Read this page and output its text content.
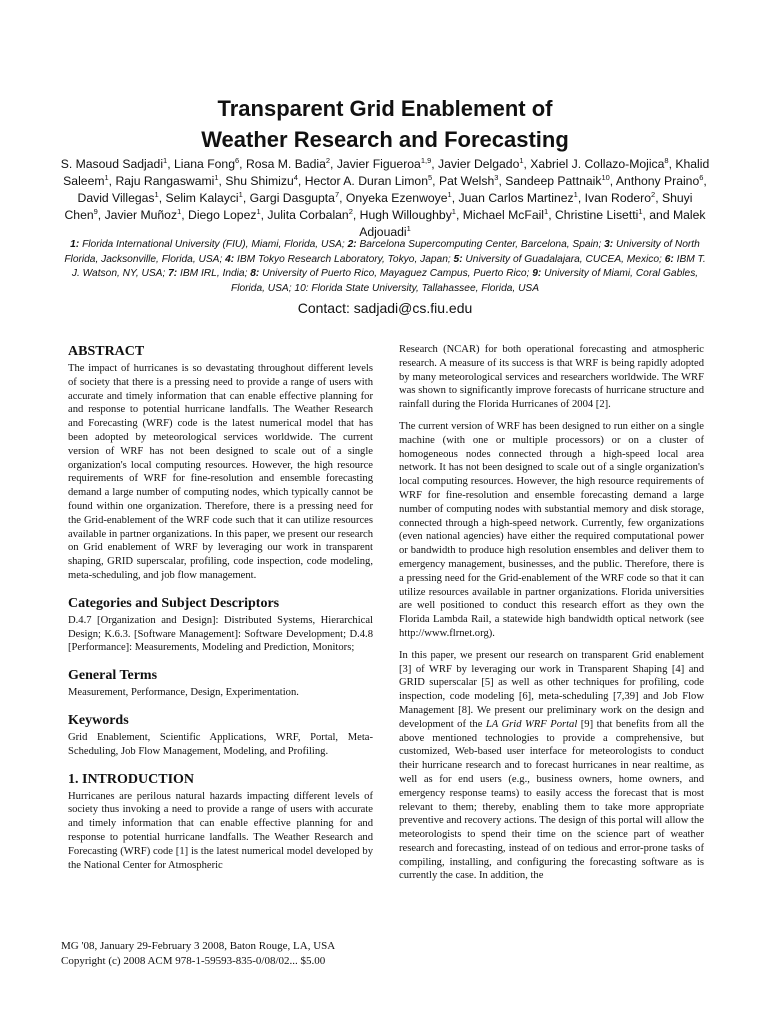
Transparent Grid Enablement of
Weather Research and Forecasting
S. Masoud Sadjadi$^1$, Liana Fong$^6$, Rosa M. Badia$^2$, Javier Figueroa$^{1,9}$, Javier Delgado$^1$, Xabriel J. Collazo-Mojica$^8$, Khalid Saleem$^1$, Raju Rangaswami$^1$, Shu Shimizu$^4$, Hector A. Duran Limon$^5$, Pat Welsh$^3$, Sandeep Pattnaik$^{10}$, Anthony Praino$^6$, David Villegas$^1$, Selim Kalayci$^1$, Gargi Dasgupta$^7$, Onyeka Ezenwoye$^1$, Juan Carlos Martinez$^1$, Ivan Rodero$^2$, Shuyi Chen$^9$, Javier Muñoz$^1$, Diego Lopez$^1$, Julita Corbalan$^2$, Hugh Willoughby$^1$, Michael McFail$^1$, Christine Lisetti$^1$, and Malek Adjouadi$^1$
1: Florida International University (FIU), Miami, Florida, USA; 2: Barcelona Supercomputing Center, Barcelona, Spain; 3: University of North Florida, Jacksonville, Florida, USA; 4: IBM Tokyo Research Laboratory, Tokyo, Japan; 5: University of Guadalajara, CUCEA, Mexico; 6: IBM T. J. Watson, NY, USA; 7: IBM IRL, India; 8: University of Puerto Rico, Mayaguez Campus, Puerto Rico; 9: University of Miami, Coral Gables, Florida, USA; 10: Florida State University, Tallahassee, Florida, USA
Contact: sadjadi@cs.fiu.edu
ABSTRACT

The impact of hurricanes is so devastating throughout different levels of society that there is a pressing need to provide a range of users with accurate and timely information that can enable effective planning for and response to potential hurricane landfalls. The Weather Research and Forecasting (WRF) code is the latest numerical model that has been adopted by meteorological services worldwide. The current version of WRF has not been designed to scale out of a single organization's local computing resources. However, the high resource requirements of WRF for fine-resolution and ensemble forecasting demand a large number of computing nodes, which typically cannot be found within one organization. Therefore, there is a pressing need for the Grid-enablement of the WRF code such that it can utilize resources available in partner organizations. In this paper, we present our research on Grid enablement of WRF by leveraging our work in transparent shaping, GRID superscalar, profiling, code inspection, code modeling, meta-scheduling, and job flow management.

Categories and Subject Descriptors

D.4.7 [Organization and Design]: Distributed Systems, Hierarchical Design; K.6.3. [Software Management]: Software Development; D.4.8 [Performance]: Measurements, Modeling and Prediction, Monitors;

General Terms

Measurement, Performance, Design, Experimentation.

Keywords

Grid Enablement, Scientific Applications, WRF, Portal, Meta-Scheduling, Job Flow Management, Modeling, and Profiling.

1. INTRODUCTION

Hurricanes are perilous natural hazards impacting different levels of society thus invoking a need to provide a range of users with accurate and timely information that can enable effective planning for and response to potential hurricane landfalls. The Weather Research and Forecasting (WRF) code [1] is the latest numerical model developed by the National Center for Atmospheric

Research (NCAR) for both operational forecasting and atmospheric research. A measure of its success is that WRF is being rapidly adopted by many meteorological services and researchers worldwide. The WRF was shown to significantly improve forecasts of hurricane structure and rainfall during the Florida Hurricanes of 2004 [2].

The current version of WRF has been designed to run either on a single machine (with one or multiple processors) or on a cluster of homogeneous nodes connected through a high-speed local area network. It has not been designed to scale out of a single organization's local computing resources. However, the high resource requirements of WRF for fine-resolution and ensemble forecasting demand a large number of computing nodes with substantial memory and disk storage, connected through a high-speed network. Currently, few organizations (even national agencies) have either the required computational power or bandwidth to produce high resolution ensembles and deliver them to emergency management, businesses, and the public. Therefore, there is a pressing need for the Grid-enablement of the WRF code so that it can utilize resources available in partner organizations. Florida universities are well positioned to conduct this research effort as they own the Florida Lambda Rail, a statewide high bandwidth optical network (see http://www.flrnet.org).

In this paper, we present our research on transparent Grid enablement [3] of WRF by leveraging our work in Transparent Shaping [4] and GRID superscalar [5] as well as other techniques for profiling, code inspection, code modeling [6], meta-scheduling [7,39] and Job Flow Management [8]. We present our preliminary work on the design and development of the LA Grid WRF Portal [9] that benefits from all the above mentioned technologies to provide a comprehensive, but customized, Web-based user interface for meteorologists to conduct their hurricane research and to forecast hurricanes in near realtime, as well as for end users (e.g., business owners, home owners, and emergency response teams) to easily access the forecast that is most relevant to them; thereby, enabling them to take more appropriate preventive and recovery actions. The design of this portal will allow the meteorologists to spend their time on the science part of weather research and forecasting, instead of on tedious and error-prone tasks of compiling, installing, and configuring the forecasting software as is currently the case. In addition, the

MG '08, January 29-February 3 2008, Baton Rouge, LA, USA
Copyright (c) 2008 ACM 978-1-59593-835-0/08/02... $5.00
